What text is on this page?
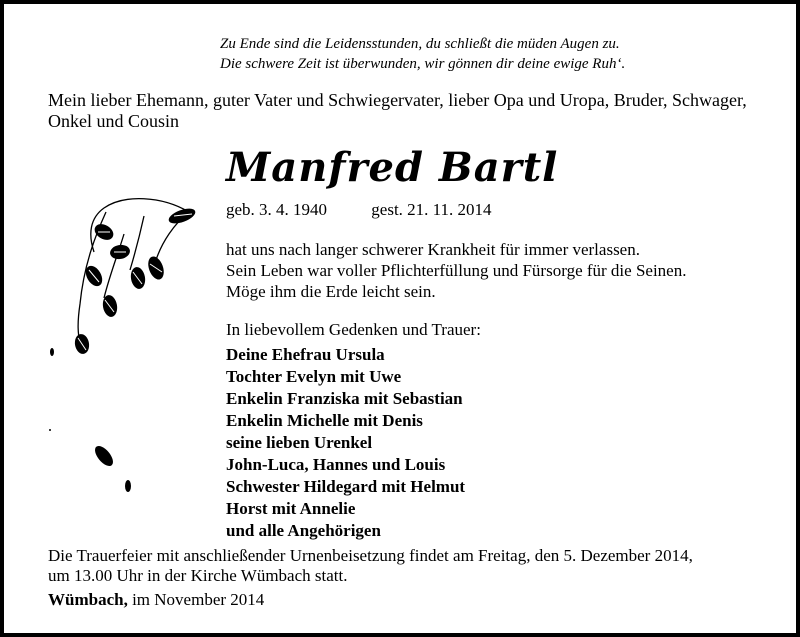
Zu Ende sind die Leidensstunden, du schließt die müden Augen zu.
Die schwere Zeit ist überwunden, wir gönnen dir deine ewige Ruh‘.
Mein lieber Ehemann, guter Vater und Schwiegervater, lieber Opa und Uropa, Bruder, Schwager, Onkel und Cousin
Manfred Bartl
geb. 3. 4. 1940	gest. 21. 11. 2014
hat uns nach langer schwerer Krankheit für immer verlassen.
Sein Leben war voller Pflichterfüllung und Fürsorge für die Seinen.
Möge ihm die Erde leicht sein.
In liebevollem Gedenken und Trauer:
Deine Ehefrau Ursula
Tochter Evelyn mit Uwe
Enkelin Franziska mit Sebastian
Enkelin Michelle mit Denis
seine lieben Urenkel
John-Luca, Hannes und Louis
Schwester Hildegard mit Helmut
Horst mit Annelie
und alle Angehörigen
Die Trauerfeier mit anschließender Urnenbeisetzung findet am Freitag, den 5. Dezember 2014,
um 13.00 Uhr in der Kirche Wümbach statt.
Wümbach, im November 2014
